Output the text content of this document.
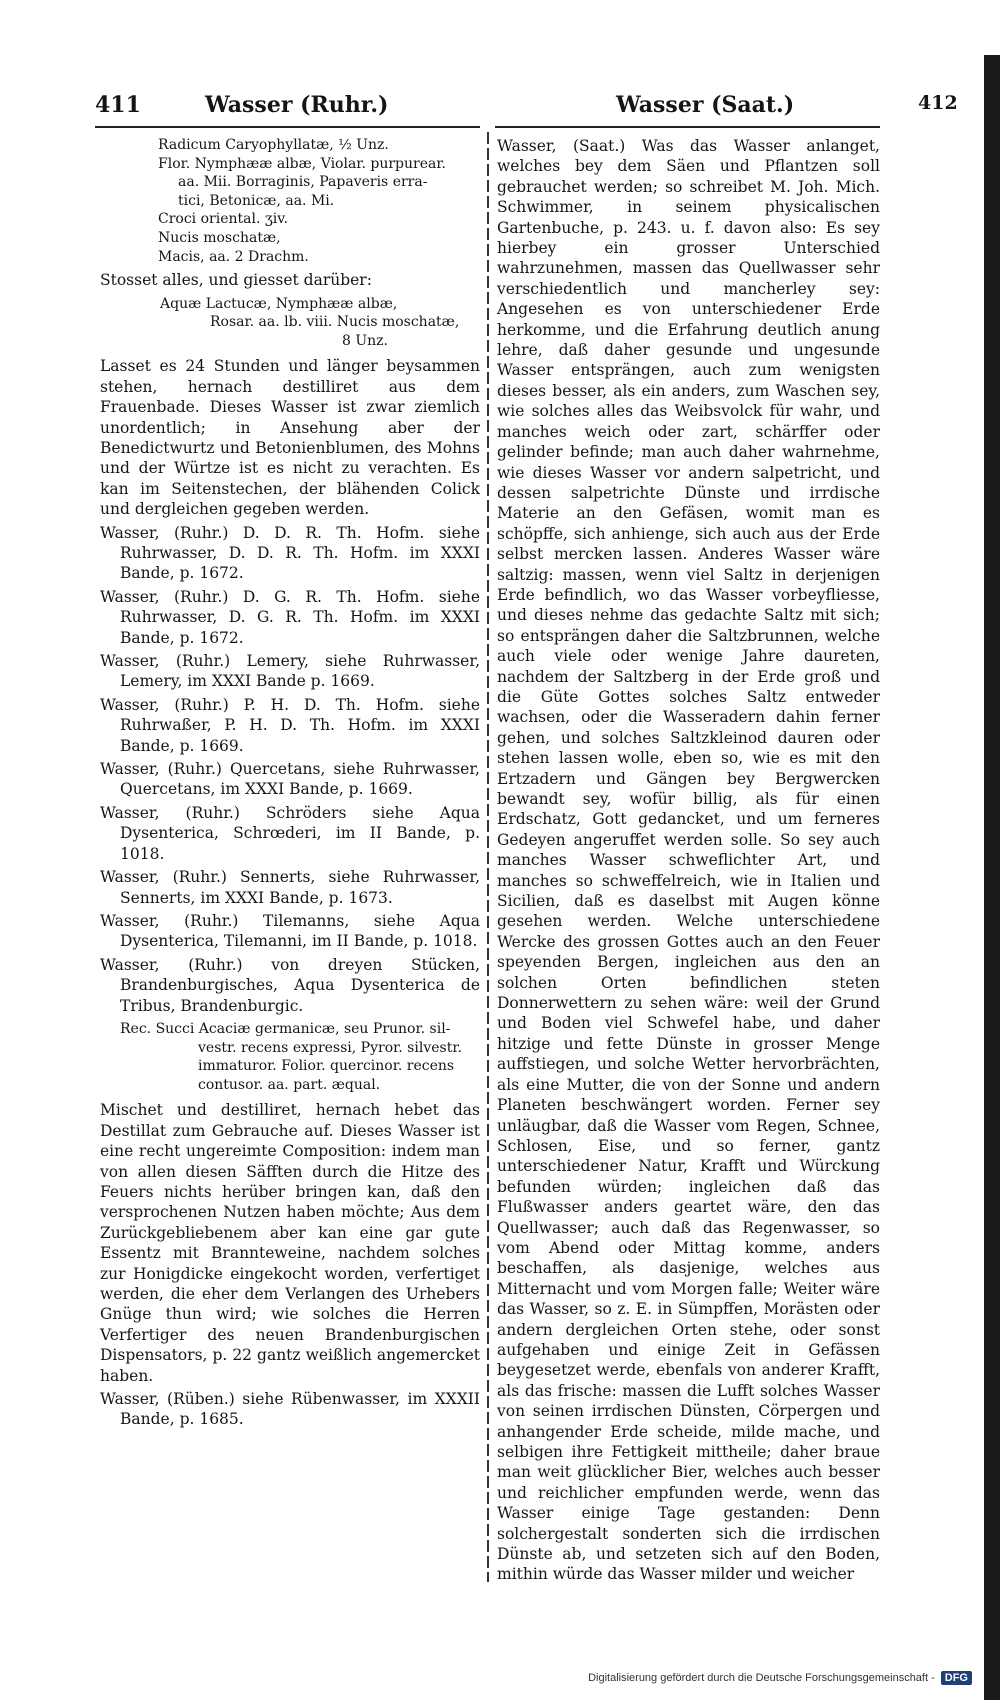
411	Wasser (Ruhr.)	Wasser (Saat.)	412
Radicum Caryophyllatæ, ½ Unz.
Flor. Nymphææ albæ, Violar. purpurear.
aa. Mii. Borraginis, Papaveris erra-
tici, Betonicæ, aa. Mi.
Croci oriental. ʒiv.
Nucis moschatæ,
Macis, aa. 2 Drachm.

Stosset alles, und giesset darüber:

Aquæ Lactucæ, Nymphææ albæ,
Rosar. aa. lb. viii. Nucis moschatæ,
8 Unz.

Lasset es 24 Stunden und länger beysammen stehen, hernach destilliret aus dem Frauenbade. Dieses Wasser ist zwar ziemlich unordentlich; in Ansehung aber der Benedictwurtz und Betonienblumen, des Mohns und der Würtze ist es nicht zu verachten. Es kan im Seitenstechen, der blähenden Colick und dergleichen gegeben werden.

Wasser, (Ruhr.) D. D. R. Th. Hofm. siehe Ruhrwasser, D. D. R. Th. Hofm. im XXXI Bande, p. 1672.

Wasser, (Ruhr.) D. G. R. Th. Hofm. siehe Ruhrwasser, D. G. R. Th. Hofm. im XXXI Bande, p. 1672.

Wasser, (Ruhr.) Lemery, siehe Ruhrwasser, Lemery, im XXXI Bande p. 1669.

Wasser, (Ruhr.) P. H. D. Th. Hofm. siehe Ruhrwaßer, P. H. D. Th. Hofm. im XXXI Bande, p. 1669.

Wasser, (Ruhr.) Quercetans, siehe Ruhrwasser, Quercetans, im XXXI Bande, p. 1669.

Wasser, (Ruhr.) Schröders siehe Aqua Dysenterica, Schrœderi, im II Bande, p. 1018.

Wasser, (Ruhr.) Sennerts, siehe Ruhrwasser, Sennerts, im XXXI Bande, p. 1673.

Wasser, (Ruhr.) Tilemanns, siehe Aqua Dysenterica, Tilemanni, im II Bande, p. 1018.

Wasser, (Ruhr.) von dreyen Stücken, Brandenburgisches, Aqua Dysenterica de Tribus, Brandenburgic.

Rec. Succi Acaciæ germanicæ, seu Prunor. sil-
vestr. recens expressi, Pyror. silvestr.
immaturor. Folior. quercinor. recens
contusor. aa. part. æqual.

Mischet und destilliret, hernach hebet das Destillat zum Gebrauche auf. Dieses Wasser ist eine recht ungereimte Composition: indem man von allen diesen Säfften durch die Hitze des Feuers nichts herüber bringen kan, daß den versprochenen Nutzen haben möchte; Aus dem Zurückgebliebenem aber kan eine gar gute Essentz mit Brannteweine, nachdem solches zur Honigdicke eingekocht worden, verfertiget werden, die eher dem Verlangen des Urhebers Gnüge thun wird; wie solches die Herren Verfertiger des neuen Brandenburgischen Dispensators, p. 22 gantz weißlich angemercket haben.

Wasser, (Rüben.) siehe Rübenwasser, im XXXII Bande, p. 1685.

Wasser, (Saat.) Was das Wasser anlanget, welches bey dem Säen und Pflantzen soll gebrauchet werden; so schreibet M. Joh. Mich. Schwimmer, in seinem physicalischen Gartenbuche, p. 243. u. f. davon also: Es sey hierbey ein grosser Unterschied wahrzunehmen, massen das Quellwasser sehr verschiedentlich und mancherley sey: Angesehen es von unterschiedener Erde herkomme, und die Erfahrung deutlich anung lehre, daß daher gesunde und ungesunde Wasser entsprängen, auch zum wenigsten dieses besser, als ein anders, zum Waschen sey, wie solches alles das Weibsvolck für wahr, und manches weich oder zart, schärffer oder gelinder befinde; man auch daher wahrnehme, wie dieses Wasser vor andern salpetricht, und dessen salpetrichte Dünste und irrdische Materie an den Gefäsen, womit man es schöpffe, sich anhienge, sich auch aus der Erde selbst mercken lassen. Anderes Wasser wäre saltzig: massen, wenn viel Saltz in derjenigen Erde befindlich, wo das Wasser vorbeyfliesse, und dieses nehme das gedachte Saltz mit sich; so entsprängen daher die Saltzbrunnen, welche auch viele oder wenige Jahre daureten, nachdem der Saltzberg in der Erde groß und die Güte Gottes solches Saltz entweder wachsen, oder die Wasseradern dahin ferner gehen, und solches Saltzkleinod dauren oder stehen lassen wolle, eben so, wie es mit den Ertzadern und Gängen bey Bergwercken bewandt sey, wofür billig, als für einen Erdschatz, Gott gedancket, und um ferneres Gedeyen angeruffet werden solle. So sey auch manches Wasser schweflichter Art, und manches so schweffelreich, wie in Italien und Sicilien, daß es daselbst mit Augen könne gesehen werden. Welche unterschiedene Wercke des grossen Gottes auch an den Feuer speyenden Bergen, ingleichen aus den an solchen Orten befindlichen steten Donnerwettern zu sehen wäre: weil der Grund und Boden viel Schwefel habe, und daher hitzige und fette Dünste in grosser Menge auffstiegen, und solche Wetter hervorbrächten, als eine Mutter, die von der Sonne und andern Planeten beschwängert worden. Ferner sey unläugbar, daß die Wasser vom Regen, Schnee, Schlosen, Eise, und so ferner, gantz unterschiedener Natur, Krafft und Würckung befunden würden; ingleichen daß das Flußwasser anders geartet wäre, den das Quellwasser; auch daß das Regenwasser, so vom Abend oder Mittag komme, anders beschaffen, als dasjenige, welches aus Mitternacht und vom Morgen falle; Weiter wäre das Wasser, so z. E. in Sümpffen, Morästen oder andern dergleichen Orten stehe, oder sonst aufgehaben und einige Zeit in Gefässen beygesetzet werde, ebenfals von anderer Krafft, als das frische: massen die Lufft solches Wasser von seinen irrdischen Dünsten, Cörpergen und anhangender Erde scheide, milde mache, und selbigen ihre Fettigkeit mittheile; daher braue man weit glücklicher Bier, welches auch besser und reichlicher empfunden werde, wenn das Wasser einige Tage gestanden: Denn solchergestalt sonderten sich die irrdischen Dünste ab, und setzeten sich auf den Boden, mithin würde das Wasser milder und weicher

Digitalisierung gefördert durch die Deutsche Forschungsgemeinschaft - DFG
